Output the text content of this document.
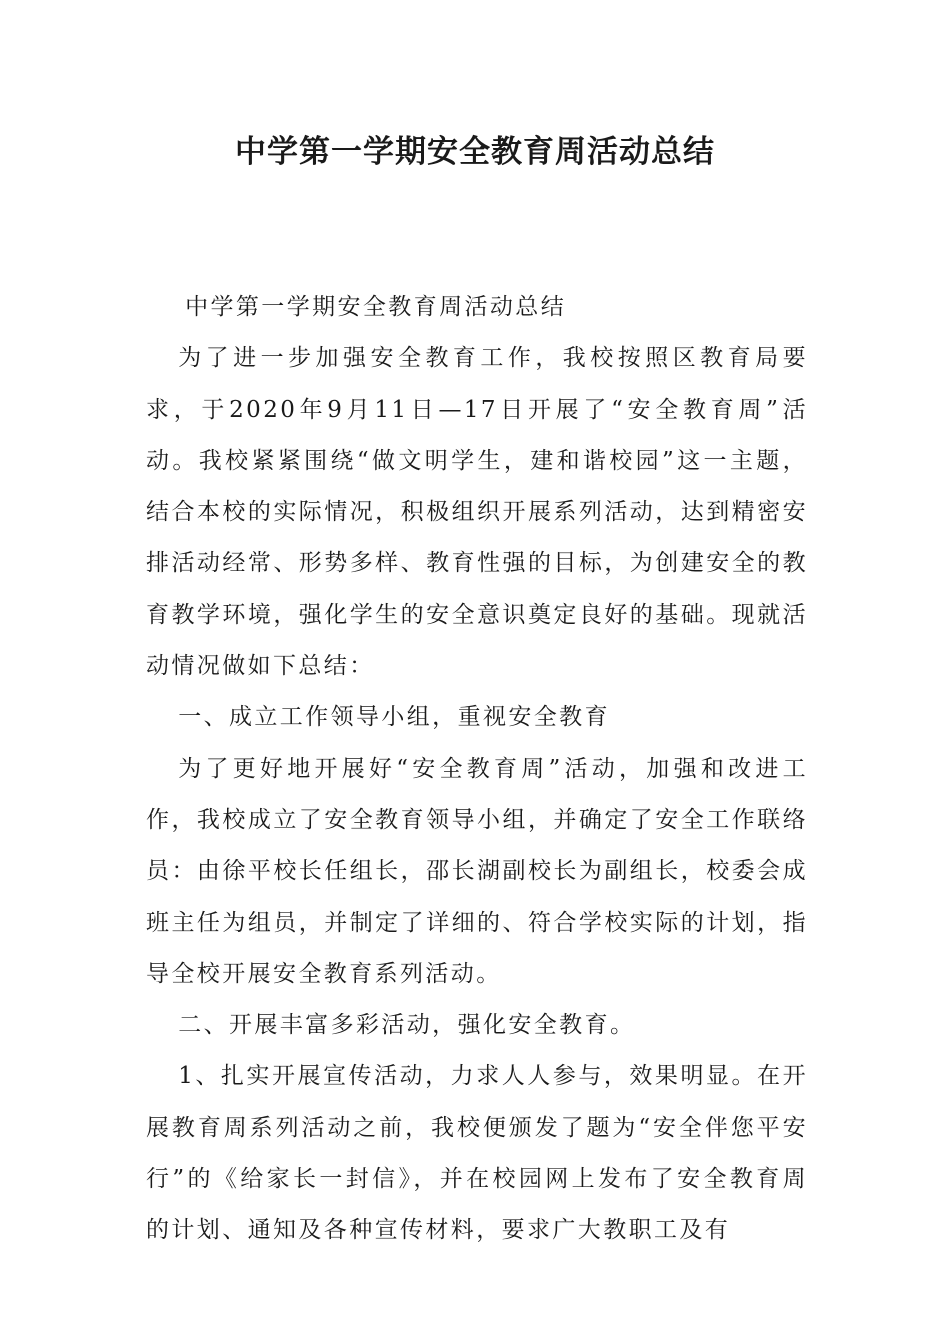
中学第一学期安全教育周活动总结

中学第一学期安全教育周活动总结

为了进一步加强安全教育工作，我校按照区教育局要求，于2020年9月11日—17日开展了“安全教育周”活动。我校紧紧围绕“做文明学生，建和谐校园”这一主题，结合本校的实际情况，积极组织开展系列活动，达到精密安排活动经常、形势多样、教育性强的目标，为创建安全的教育教学环境，强化学生的安全意识奠定良好的基础。现就活动情况做如下总结：

一、成立工作领导小组，重视安全教育

为了更好地开展好“安全教育周”活动，加强和改进工作，我校成立了安全教育领导小组，并确定了安全工作联络员：由徐平校长任组长，邵长湖副校长为副组长，校委会成班主任为组员，并制定了详细的、符合学校实际的计划，指导全校开展安全教育系列活动。

二、开展丰富多彩活动，强化安全教育。

1、扎实开展宣传活动，力求人人参与，效果明显。在开展教育周系列活动之前，我校便颁发了题为“安全伴您平安行”的《给家长一封信》，并在校园网上发布了安全教育周的计划、通知及各种宣传材料，要求广大教职工及有
